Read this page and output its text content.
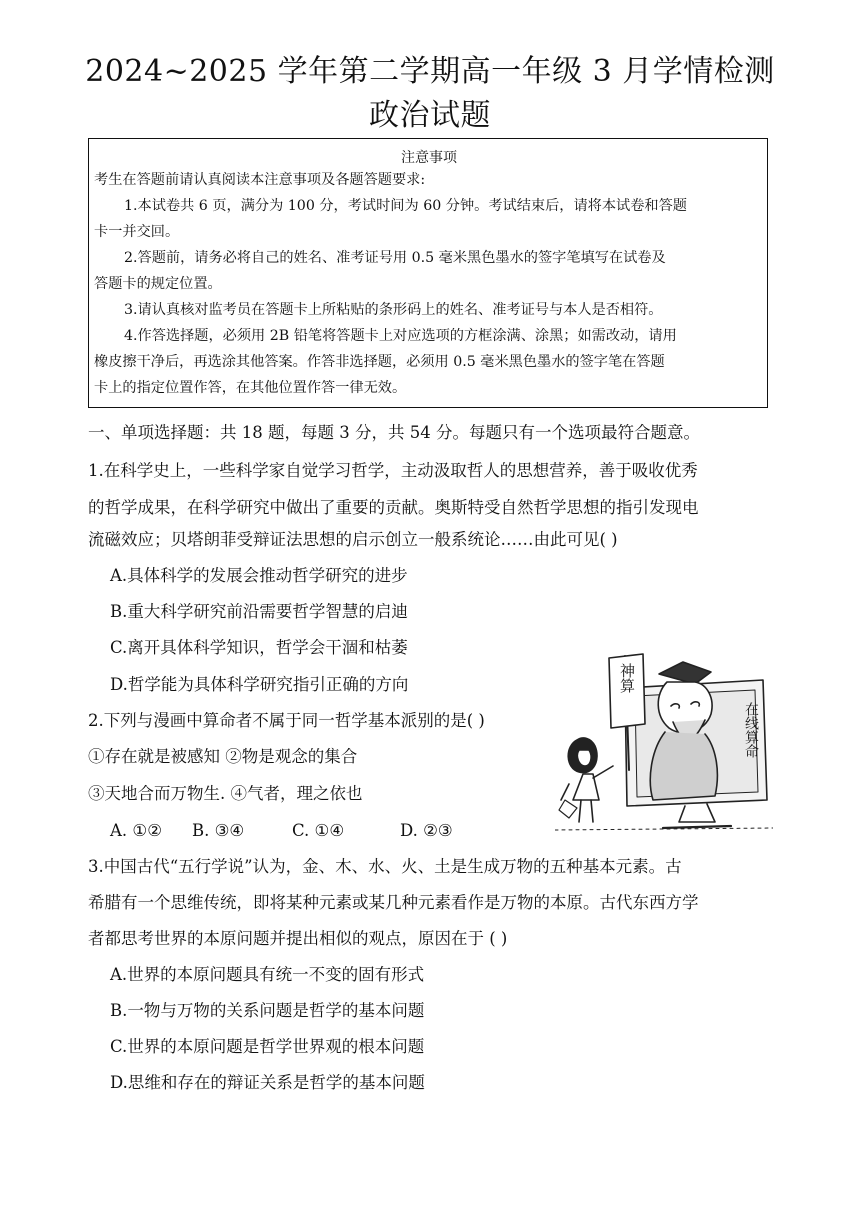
2024~2025 学年第二学期高一年级 3 月学情检测
政治试题
注意事项
考生在答题前请认真阅读本注意事项及各题答题要求:
1.本试卷共 6 页，满分为 100 分，考试时间为 60 分钟。考试结束后，请将本试卷和答题
卡一并交回。
2.答题前，请务必将自己的姓名、准考证号用 0.5 毫米黑色墨水的签字笔填写在试卷及
答题卡的规定位置。
3.请认真核对监考员在答题卡上所粘贴的条形码上的姓名、准考证号与本人是否相符。
4.作答选择题，必须用 2B 铅笔将答题卡上对应选项的方框涂满、涂黑；如需改动，请用
橡皮擦干净后，再选涂其他答案。作答非选择题，必须用 0.5 毫米黑色墨水的签字笔在答题
卡上的指定位置作答，在其他位置作答一律无效。
一、单项选择题：共 18 题，每题 3 分，共 54 分。每题只有一个选项最符合题意。
1.在科学史上，一些科学家自觉学习哲学，主动汲取哲人的思想营养，善于吸收优秀
的哲学成果，在科学研究中做出了重要的贡献。奥斯特受自然哲学思想的指引发现电
流磁效应；贝塔朗菲受辩证法思想的启示创立一般系统论……由此可见( )
A.具体科学的发展会推动哲学研究的进步
B.重大科学研究前沿需要哲学智慧的启迪
C.离开具体科学知识，哲学会干涸和枯萎
D.哲学能为具体科学研究指引正确的方向
2.下列与漫画中算命者不属于同一哲学基本派别的是( )
①存在就是被感知 ②物是观念的集合
③天地合而万物生. ④气者，理之依也
A. ①② B. ③④	C. ①④	D. ②③
神算
在线算命
3.中国古代“五行学说”认为，金、木、水、火、土是生成万物的五种基本元素。古
希腊有一个思维传统，即将某种元素或某几种元素看作是万物的本原。古代东西方学
者都思考世界的本原问题并提出相似的观点，原因在于 ( )
A.世界的本原问题具有统一不变的固有形式
B.一物与万物的关系问题是哲学的基本问题
C.世界的本原问题是哲学世界观的根本问题
D.思维和存在的辩证关系是哲学的基本问题
